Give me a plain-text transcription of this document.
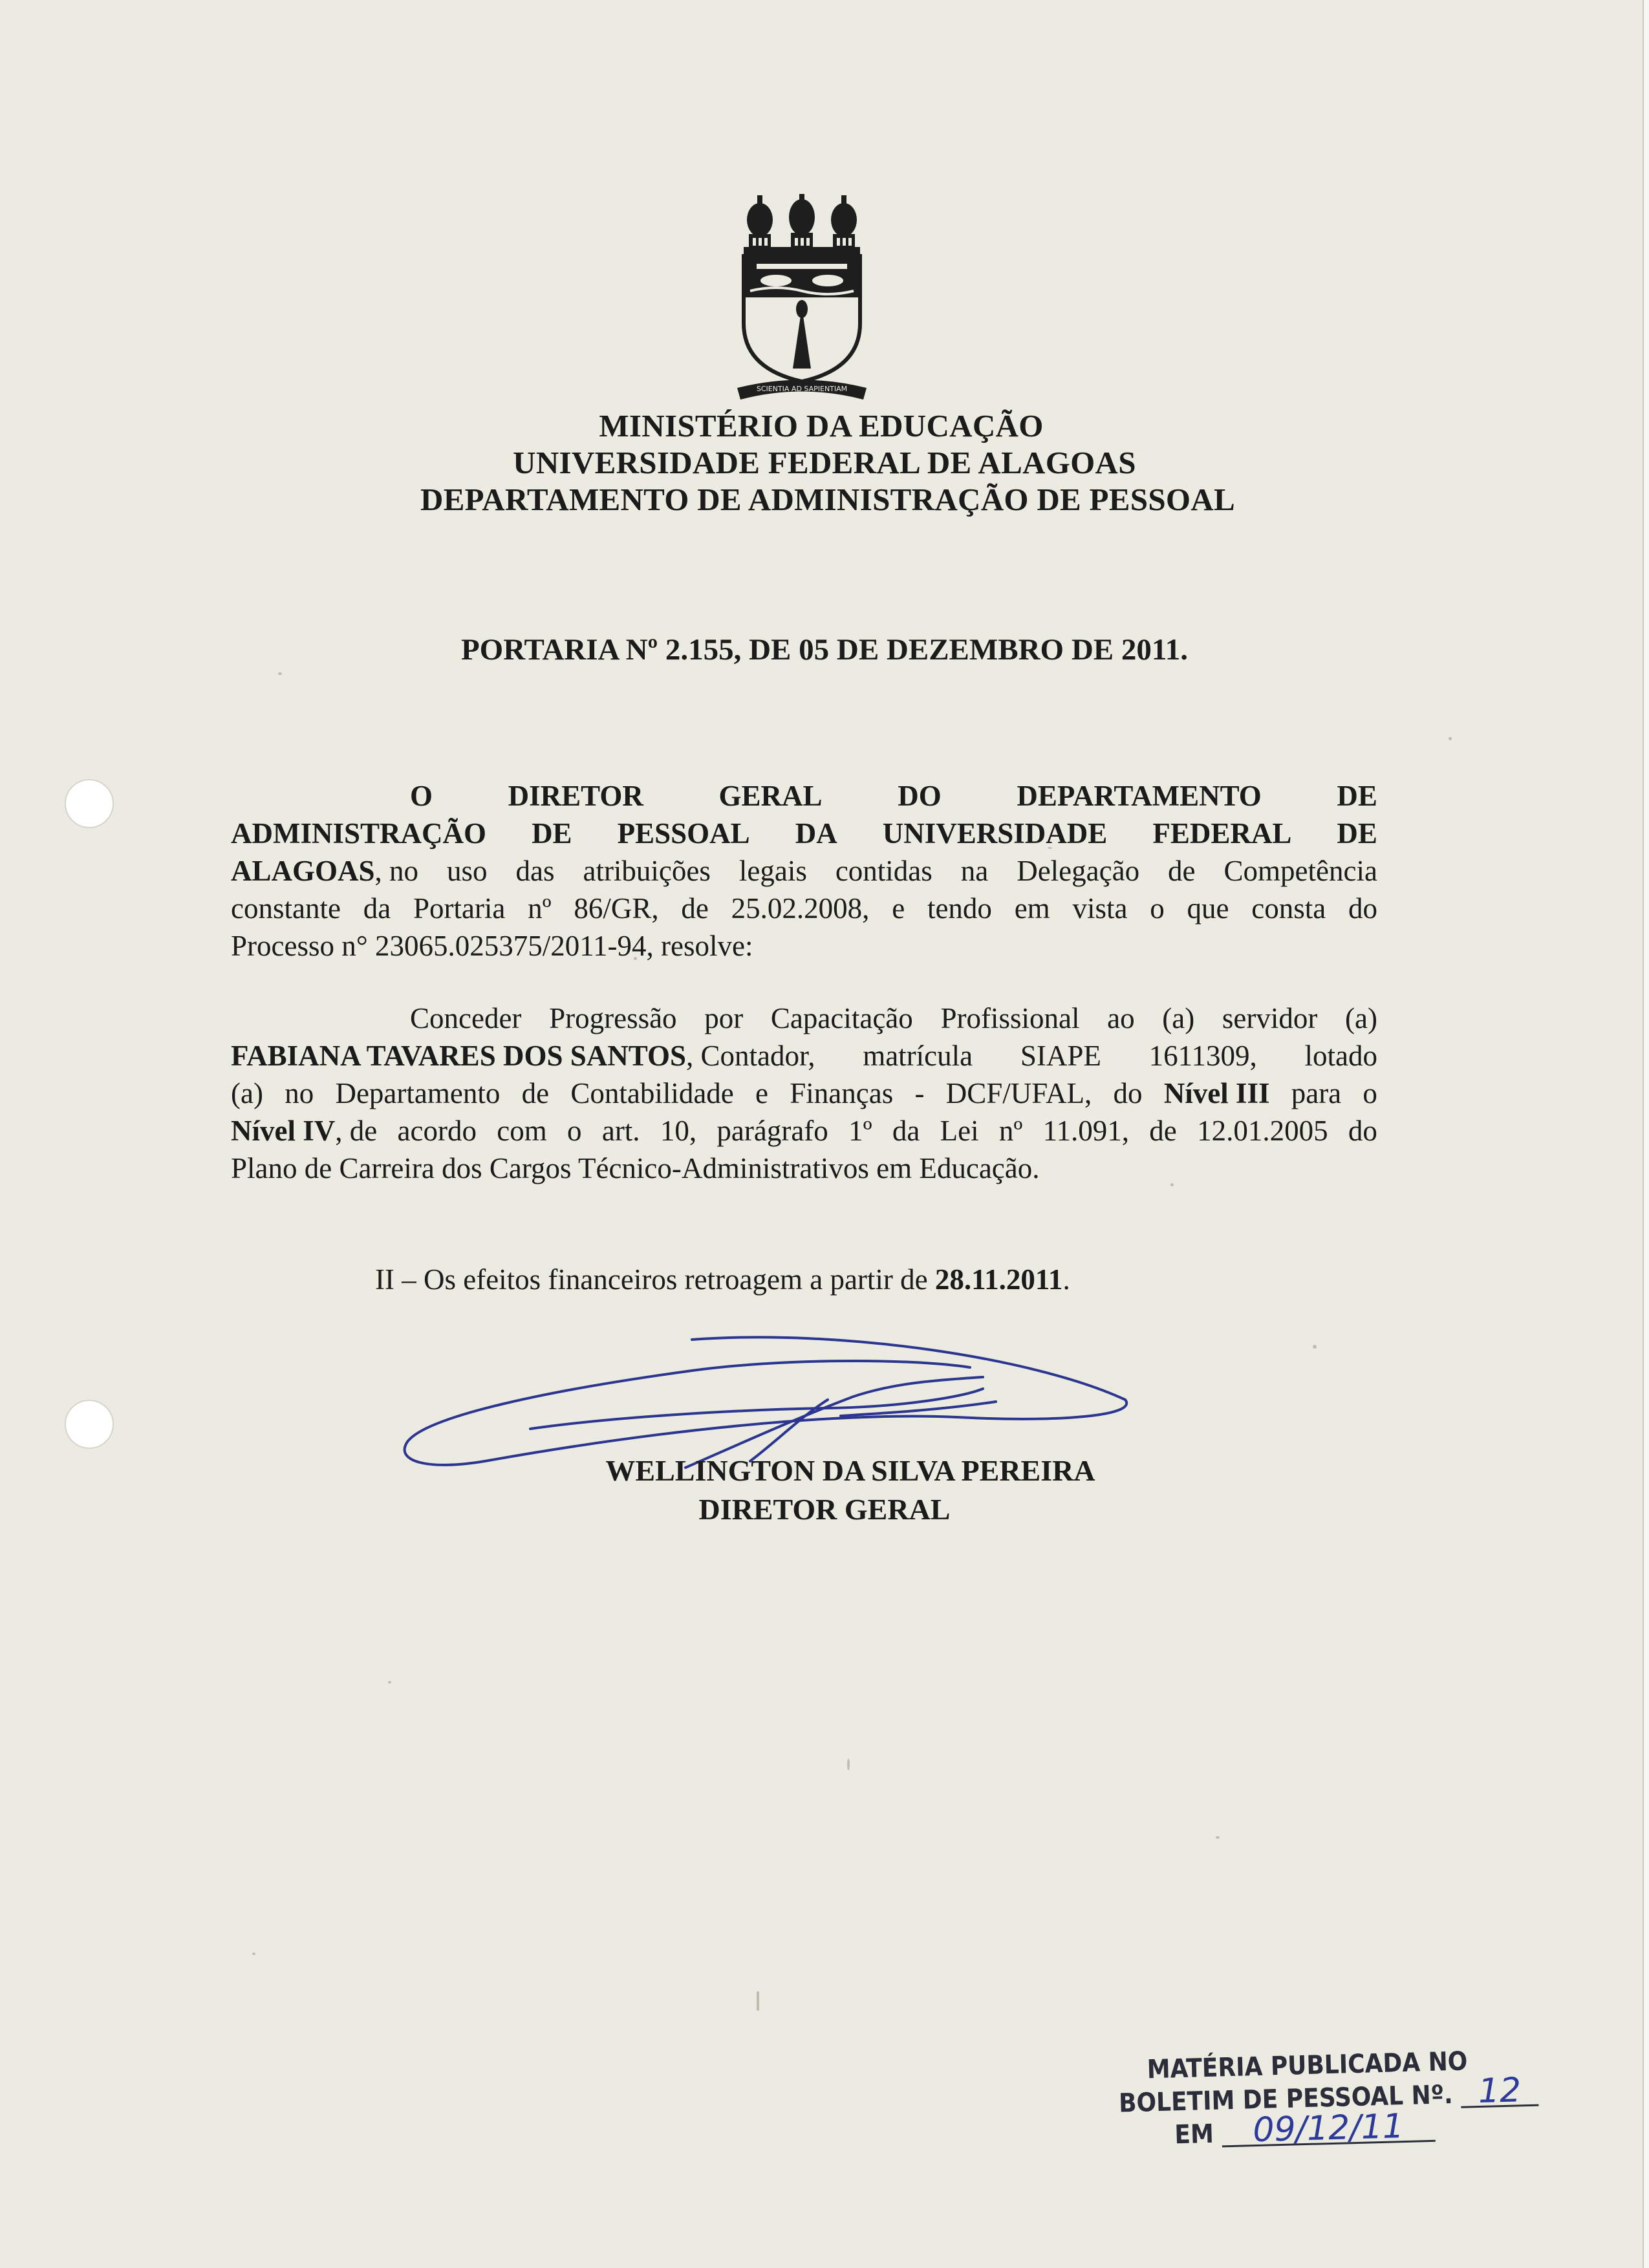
SCIENTIA AD SAPIENTIAM
MINISTÉRIO DA EDUCAÇÃO
UNIVERSIDADE FEDERAL DE ALAGOAS
DEPARTAMENTO DE ADMINISTRAÇÃO DE PESSOAL
PORTARIA Nº 2.155, DE 05 DE DEZEMBRO DE 2011.
O	DIRETOR	GERAL	DO	DEPARTAMENTO	DE
ADMINISTRAÇÃO DE PESSOAL DA UNIVERSIDADE FEDERAL DE
ALAGOAS, no uso das atribuições legais contidas na Delegação de Competência
constante da Portaria nº 86/GR, de 25.02.2008, e tendo em vista o que consta do
Processo n° 23065.025375/2011-94, resolve:
Conceder Progressão por Capacitação Profissional ao (a) servidor (a)
FABIANA TAVARES DOS SANTOS, Contador, matrícula SIAPE 1611309, lotado
(a) no Departamento de Contabilidade e Finanças - DCF/UFAL, do Nível III para o
Nível IV, de acordo com o art. 10, parágrafo 1º da Lei nº 11.091, de 12.01.2005 do
Plano de Carreira dos Cargos Técnico-Administrativos em Educação.
II – Os efeitos financeiros retroagem a partir de 28.11.2011.
WELLINGTON DA SILVA PEREIRA
DIRETOR GERAL
MATÉRIA PUBLICADA NO
BOLETIM DE PESSOAL Nº. 12
EM 09/12/11
